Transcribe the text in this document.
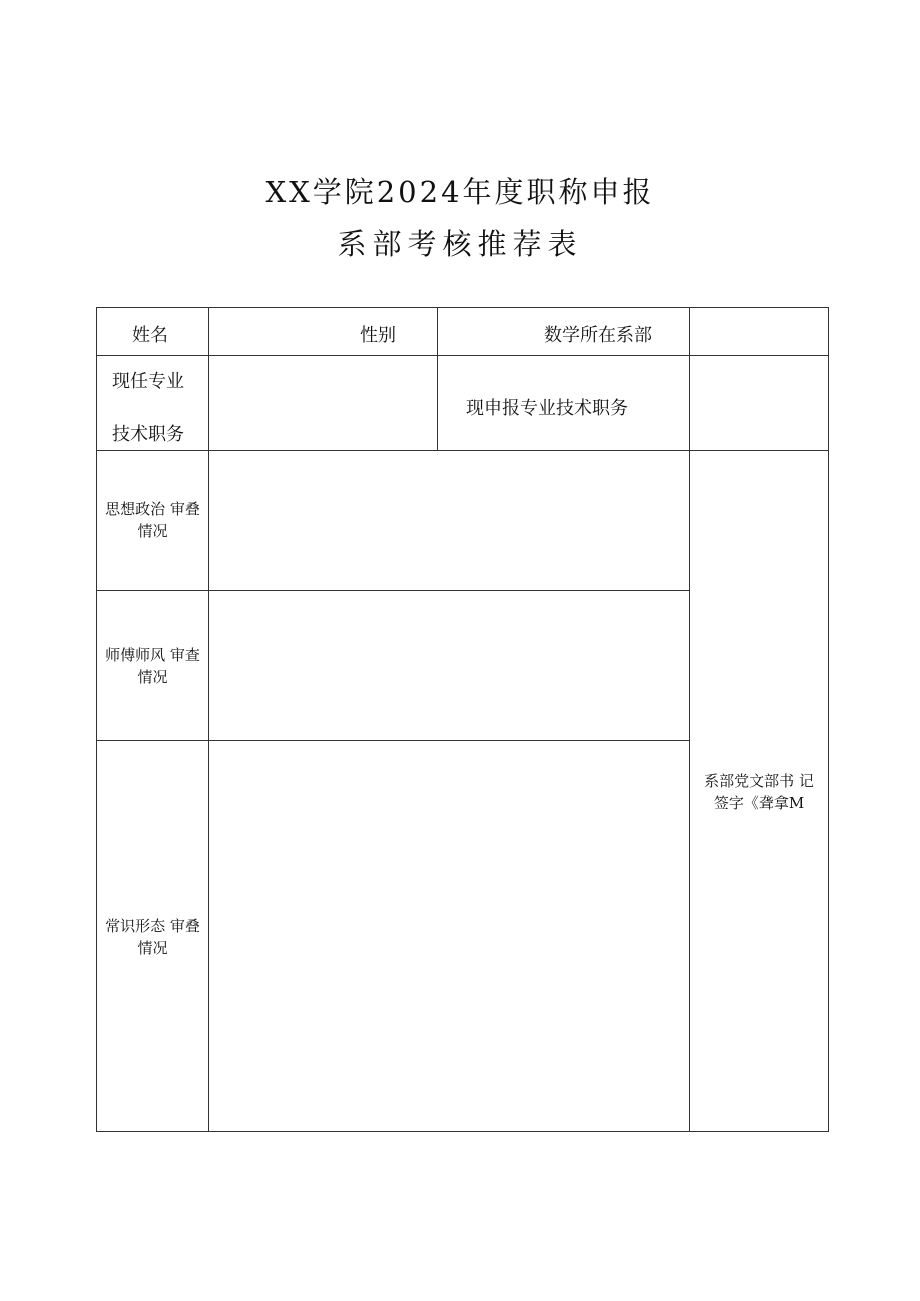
XX学院2024年度职称申报
系部考核推荐表
姓名	性别	数学所在系部
现任专业
技术职务
现申报专业技术职务
思想政治 审叠
情况
师傅师风 审查
情况
常识形态 审叠
情况
系部党文部书 记
签字《聋拿M
